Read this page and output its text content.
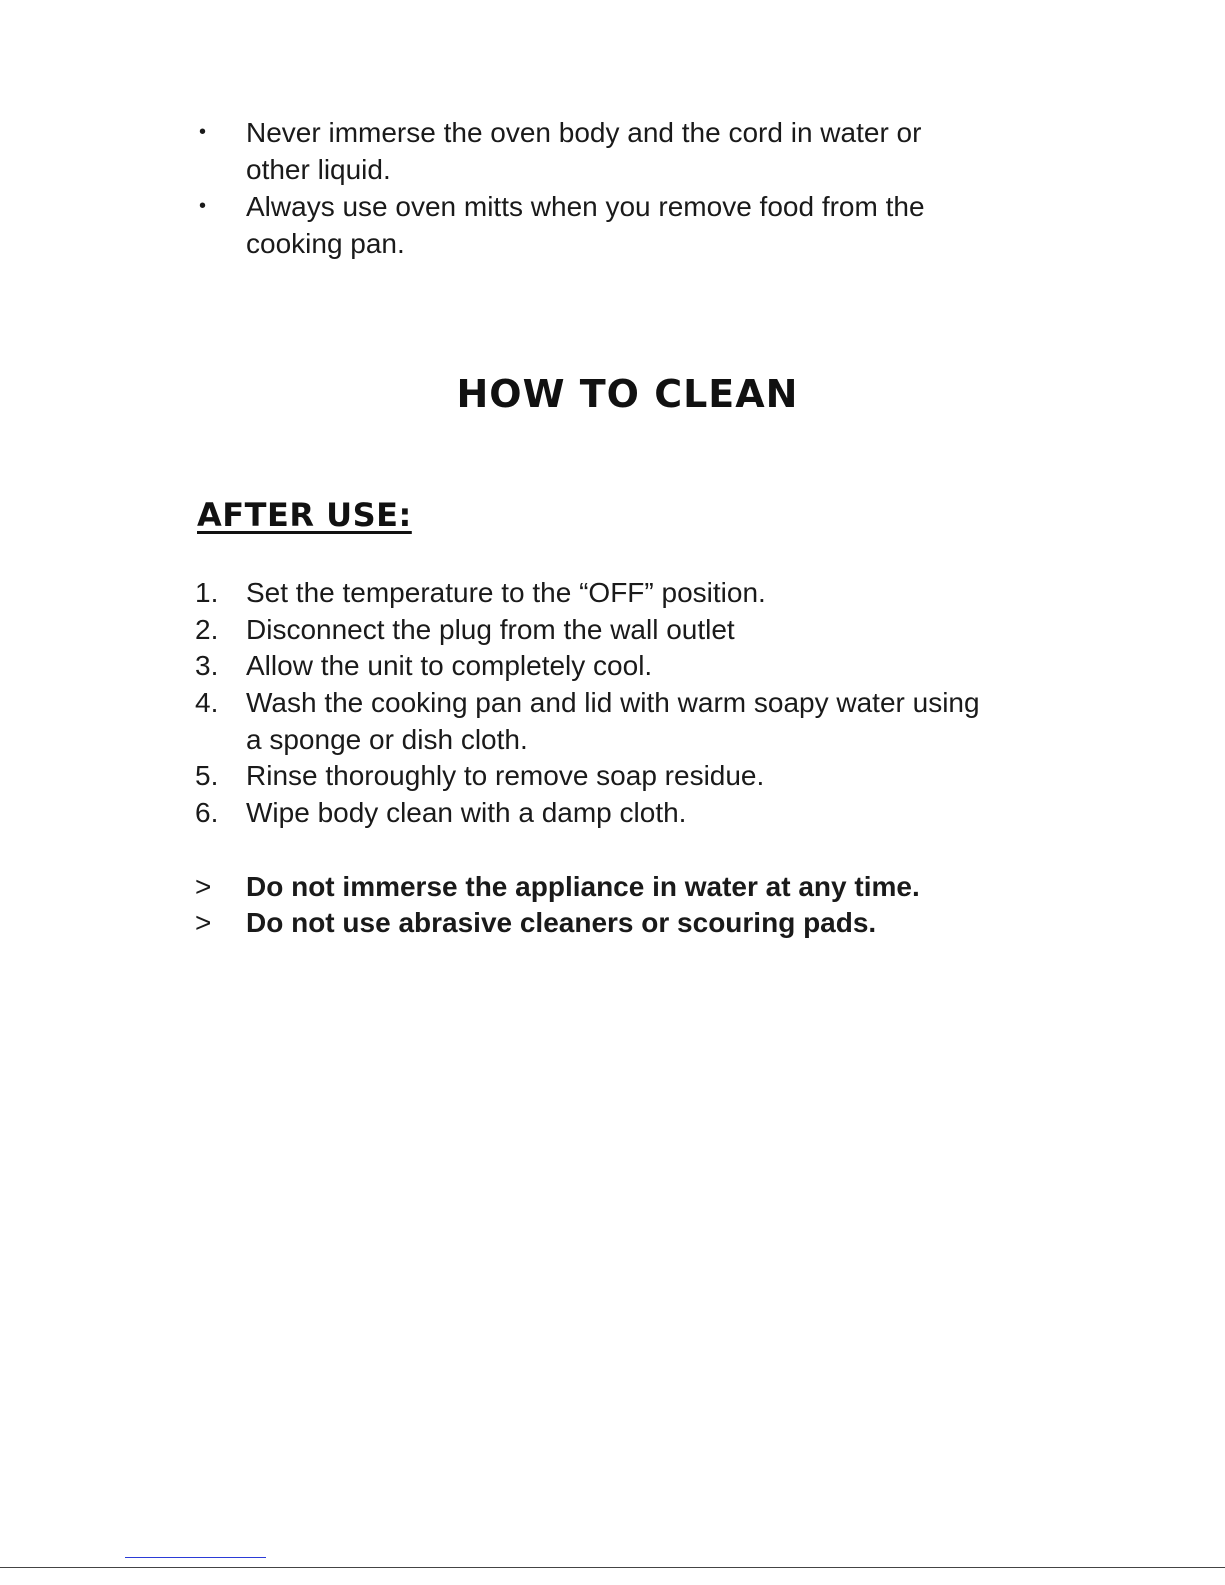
•	Never immerse the oven body and the cord in water or
other liquid.
•	Always use oven mitts when you remove food from the
cooking pan.
HOW TO CLEAN
AFTER USE:
1. Set the temperature to the “OFF” position.
2. Disconnect the plug from the wall outlet
3. Allow the unit to completely cool.
4. Wash the cooking pan and lid with warm soapy water using
a sponge or dish cloth.
5. Rinse thoroughly to remove soap residue.
6. Wipe body clean with a damp cloth.
>	Do not immerse the appliance in water at any time.
>	Do not use abrasive cleaners or scouring pads.
